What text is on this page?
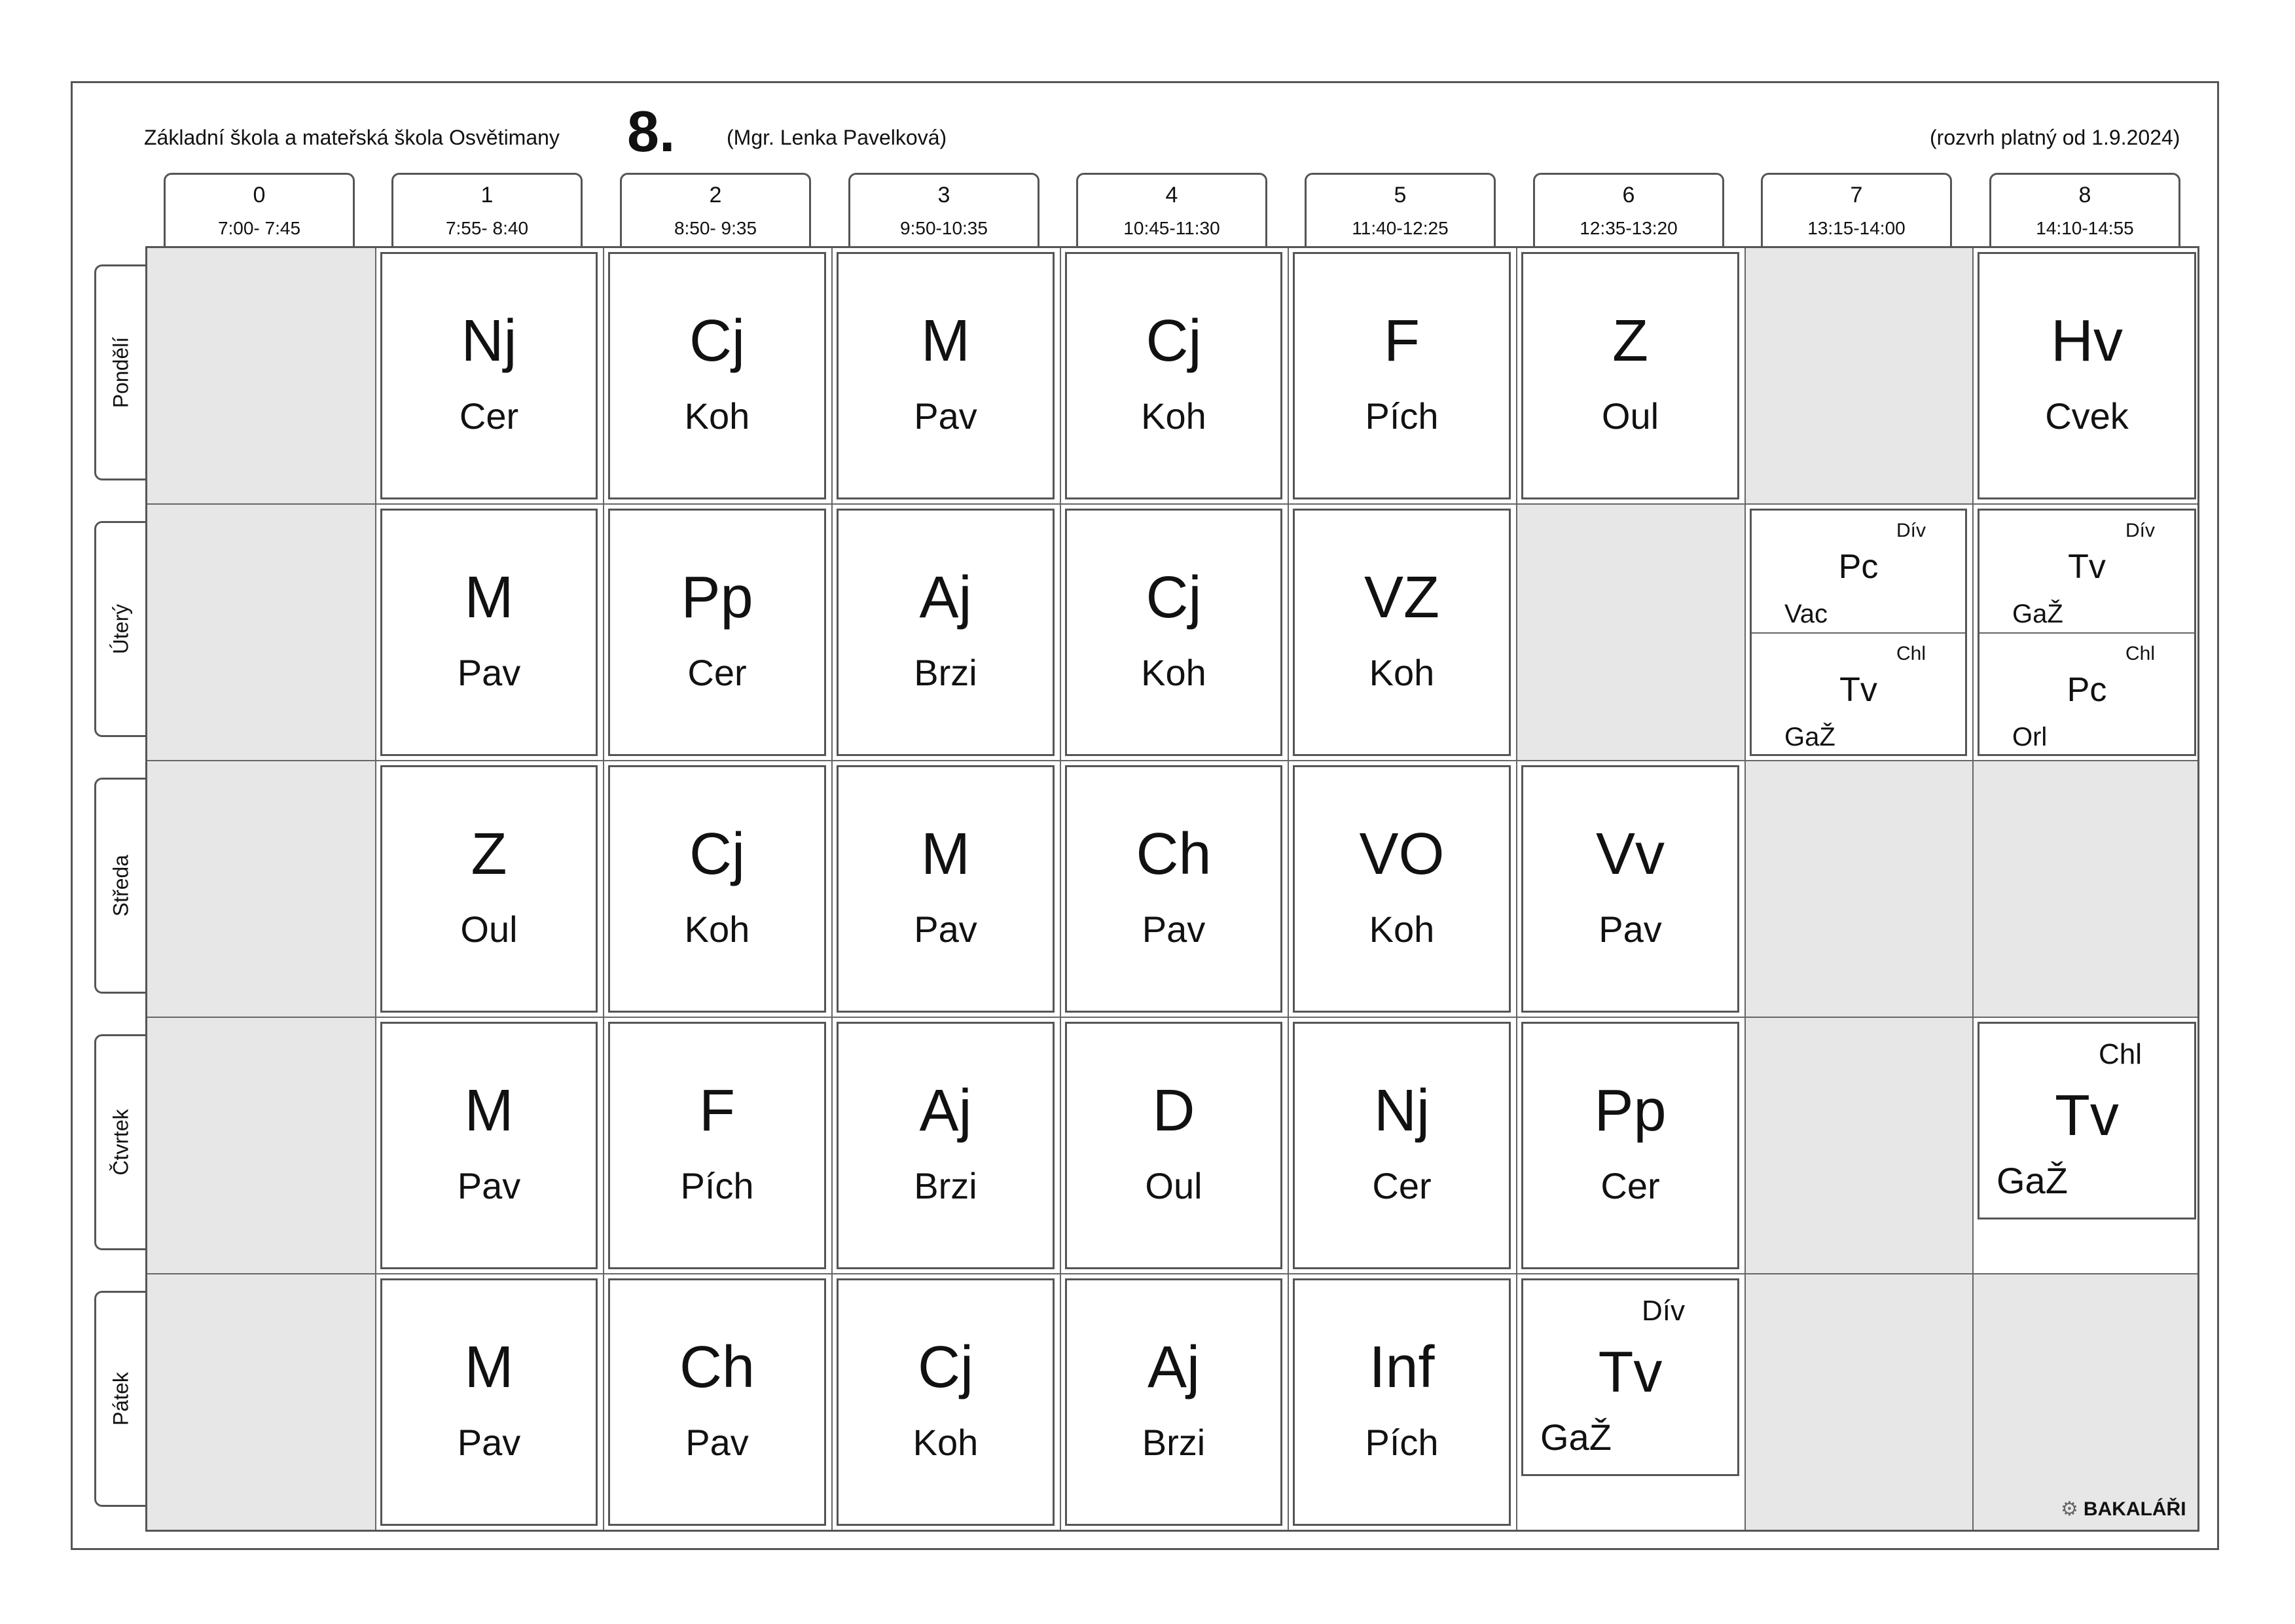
Základní škola a mateřská škola Osvětimany 8. (Mgr. Lenka Pavelková)	(rozvrh platný od 1.9.2024)
0
7:00- 7:45
1
7:55- 8:40
2
8:50- 9:35
3
9:50-10:35
4
10:45-11:30
5
11:40-12:25
6
12:35-13:20
7
13:15-14:00
8
14:10-14:55
Pondělí
Úterý
Středa
Čtvrtek
Pátek
Nj
Cer
Cj
Koh
M
Pav
Cj
Koh
F
Pích
Z
Oul
Hv
Cvek
M
Pav
Pp
Cer
Aj
Brzi
Cj
Koh
VZ
Koh
Dív
Pc
Vac
Chl
Tv
GaŽ
Dív
Tv
GaŽ
Chl
Pc
Orl
Z
Oul
Cj
Koh
M
Pav
Ch
Pav
VO
Koh
Vv
Pav
M
Pav
F
Pích
Aj
Brzi
D
Oul
Nj
Cer
Pp
Cer
Chl
Tv
GaŽ
M
Pav
Ch
Pav
Cj
Koh
Aj
Brzi
Inf
Pích
Dív
Tv
GaŽ
⚙ BAKALÁŘI
